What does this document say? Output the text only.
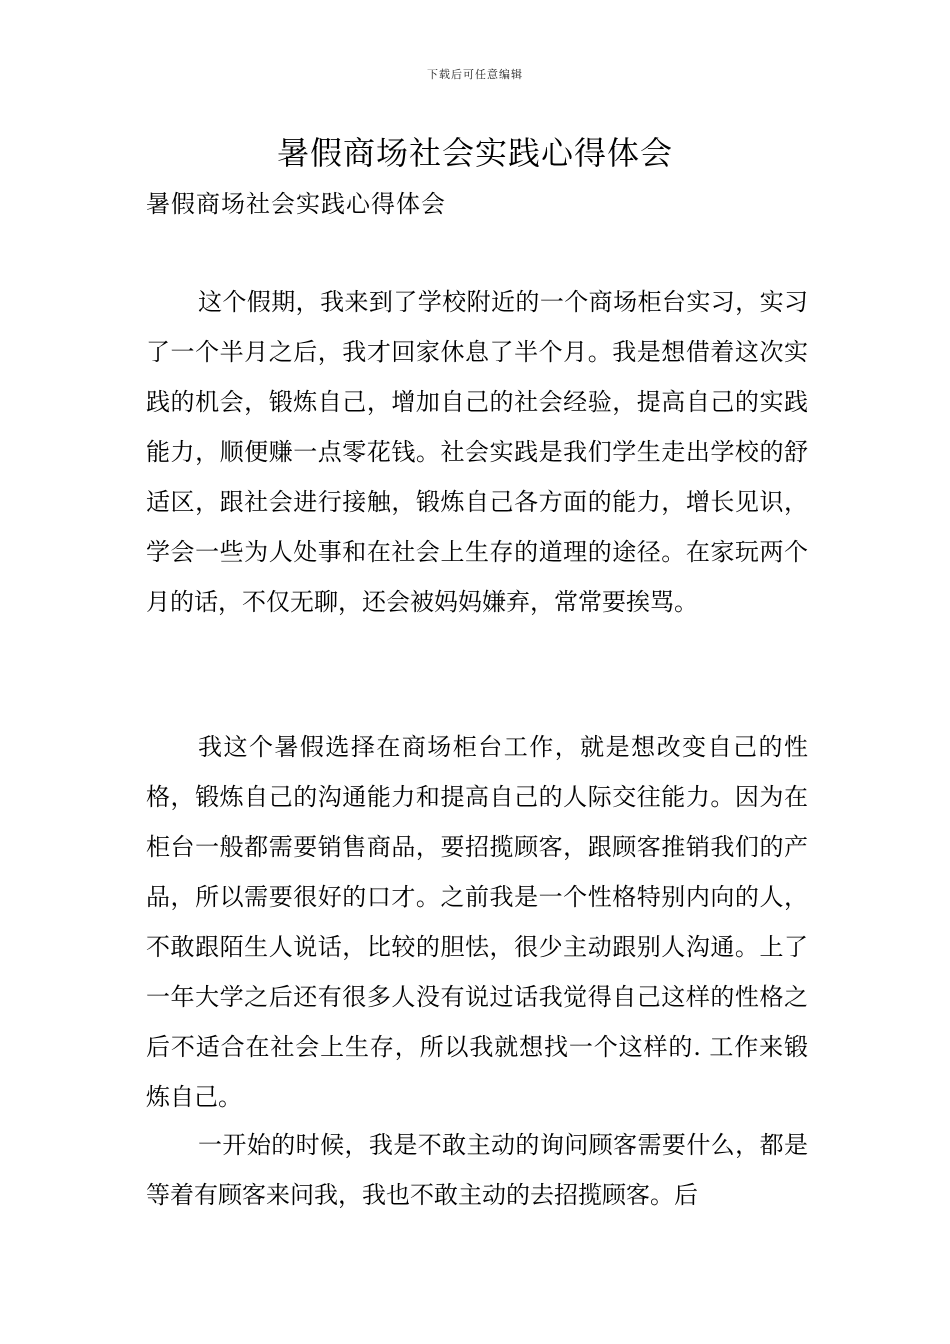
下载后可任意编辑
暑假商场社会实践心得体会
暑假商场社会实践心得体会

这个假期，我来到了学校附近的一个商场柜台实习，实习了一个半月之后，我才回家休息了半个月。我是想借着这次实践的机会，锻炼自己，增加自己的社会经验，提高自己的实践能力，顺便赚一点零花钱。社会实践是我们学生走出学校的舒适区，跟社会进行接触，锻炼自己各方面的能力，增长见识，学会一些为人处事和在社会上生存的道理的途径。在家玩两个月的话，不仅无聊，还会被妈妈嫌弃，常常要挨骂。

我这个暑假选择在商场柜台工作，就是想改变自己的性格，锻炼自己的沟通能力和提高自己的人际交往能力。因为在柜台一般都需要销售商品，要招揽顾客，跟顾客推销我们的产品，所以需要很好的口才。之前我是一个性格特别内向的人，不敢跟陌生人说话，比较的胆怯，很少主动跟别人沟通。上了一年大学之后还有很多人没有说过话我觉得自己这样的性格之后不适合在社会上生存，所以我就想找一个这样的. 工作来锻炼自己。

一开始的时候，我是不敢主动的询问顾客需要什么，都是等着有顾客来问我，我也不敢主动的去招揽顾客。后
